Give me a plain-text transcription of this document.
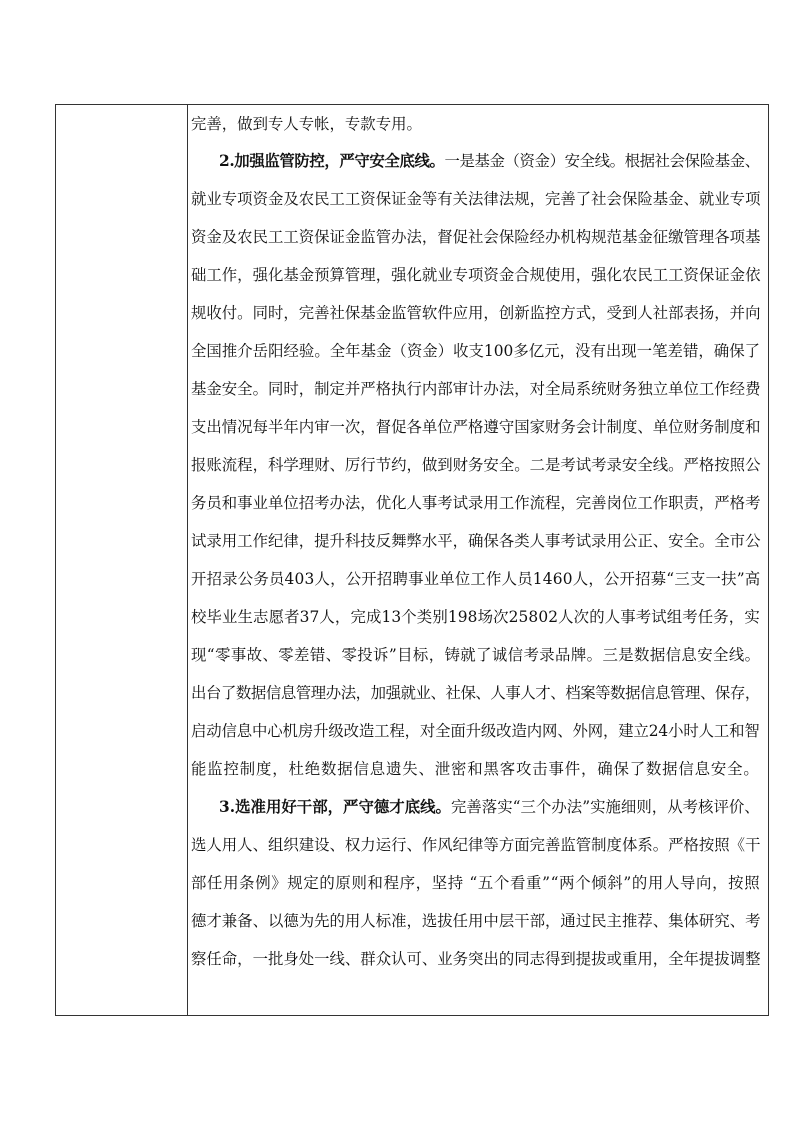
完善，做到专人专帐，专款专用。
2.加强监管防控，严守安全底线。一是基金（资金）安全线。根据社会保险基金、
就业专项资金及农民工工资保证金等有关法律法规，完善了社会保险基金、就业专项
资金及农民工工资保证金监管办法，督促社会保险经办机构规范基金征缴管理各项基
础工作，强化基金预算管理，强化就业专项资金合规使用，强化农民工工资保证金依
规收付。同时，完善社保基金监管软件应用，创新监控方式，受到人社部表扬，并向
全国推介岳阳经验。全年基金（资金）收支100多亿元，没有出现一笔差错，确保了
基金安全。同时，制定并严格执行内部审计办法，对全局系统财务独立单位工作经费
支出情况每半年内审一次，督促各单位严格遵守国家财务会计制度、单位财务制度和
报账流程，科学理财、厉行节约，做到财务安全。二是考试考录安全线。严格按照公
务员和事业单位招考办法，优化人事考试录用工作流程，完善岗位工作职责，严格考
试录用工作纪律，提升科技反舞弊水平，确保各类人事考试录用公正、安全。全市公
开招录公务员403人，公开招聘事业单位工作人员1460人，公开招募“三支一扶”高
校毕业生志愿者37人，完成13个类别198场次25802人次的人事考试组考任务，实
现“零事故、零差错、零投诉”目标，铸就了诚信考录品牌。三是数据信息安全线。
出台了数据信息管理办法，加强就业、社保、人事人才、档案等数据信息管理、保存，
启动信息中心机房升级改造工程，对全面升级改造内网、外网，建立24小时人工和智
能监控制度，杜绝数据信息遗失、泄密和黑客攻击事件，确保了数据信息安全。
3.选准用好干部，严守德才底线。完善落实“三个办法”实施细则，从考核评价、
选人用人、组织建设、权力运行、作风纪律等方面完善监管制度体系。严格按照《干
部任用条例》规定的原则和程序，坚持 “五个看重”“两个倾斜”的用人导向，按照
德才兼备、以德为先的用人标准，选拔任用中层干部，通过民主推荐、集体研究、考
察任命，一批身处一线、群众认可、业务突出的同志得到提拔或重用，全年提拔调整
